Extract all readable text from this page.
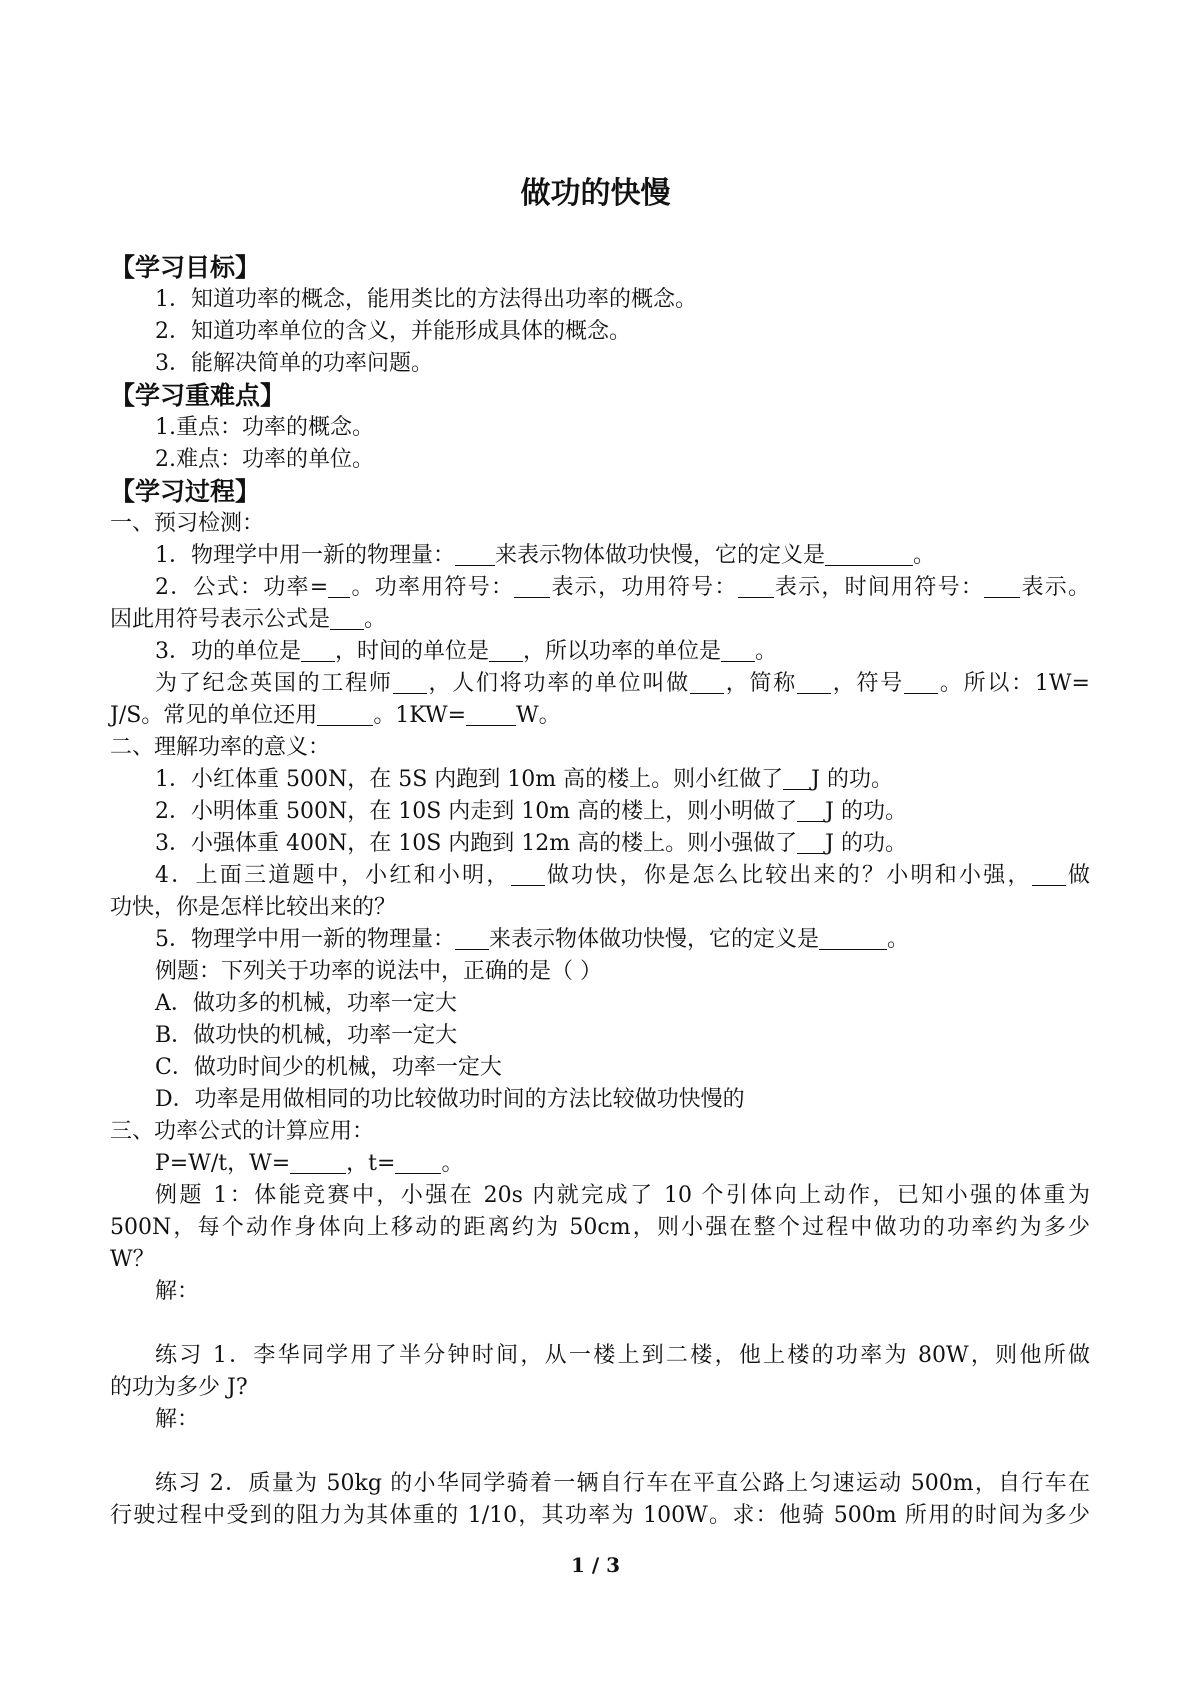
做功的快慢
【学习目标】
1．知道功率的概念，能用类比的方法得出功率的概念。
2．知道功率单位的含义，并能形成具体的概念。
3．能解决简单的功率问题。
【学习重难点】
1.重点：功率的概念。
2.难点：功率的单位。
【学习过程】
一、预习检测：
1．物理学中用一新的物理量： 来表示物体做功快慢，它的定义是	。
2．公式：功率= 。功率用符号： 表示，功用符号： 表示，时间用符号： 表示。
因此用符号表示公式是 。
3．功的单位是 ，时间的单位是 ，所以功率的单位是 。
为了纪念英国的工程师 ，人们将功率的单位叫做 ，简称 ，符号 。所以：1W=
J/S。常见的单位还用	。1KW= W。
二、理解功率的意义：
1．小红体重 500N，在 5S 内跑到 10m 高的楼上。则小红做了 J 的功。
2．小明体重 500N，在 10S 内走到 10m 高的楼上，则小明做了 J 的功。
3．小强体重 400N，在 10S 内跑到 12m 高的楼上。则小强做了 J 的功。
4．上面三道题中，小红和小明， 做功快，你是怎么比较出来的？小明和小强， 做
功快，你是怎样比较出来的？
5．物理学中用一新的物理量： 来表示物体做功快慢，它的定义是	。
例题：下列关于功率的说法中，正确的是（ ）
A．做功多的机械，功率一定大
B．做功快的机械，功率一定大
C．做功时间少的机械，功率一定大
D．功率是用做相同的功比较做功时间的方法比较做功快慢的
三、功率公式的计算应用：
P=W/t，W=	，t= 。
例题 1：体能竞赛中，小强在 20s 内就完成了 10 个引体向上动作，已知小强的体重为
500N，每个动作身体向上移动的距离约为 50cm，则小强在整个过程中做功的功率约为多少
W？
解：
练习 1．李华同学用了半分钟时间，从一楼上到二楼，他上楼的功率为 80W，则他所做
的功为多少 J?
解：
练习 2．质量为 50kg 的小华同学骑着一辆自行车在平直公路上匀速运动 500m，自行车在
行驶过程中受到的阻力为其体重的 1/10，其功率为 100W。求：他骑 500m 所用的时间为多少
1 / 3
